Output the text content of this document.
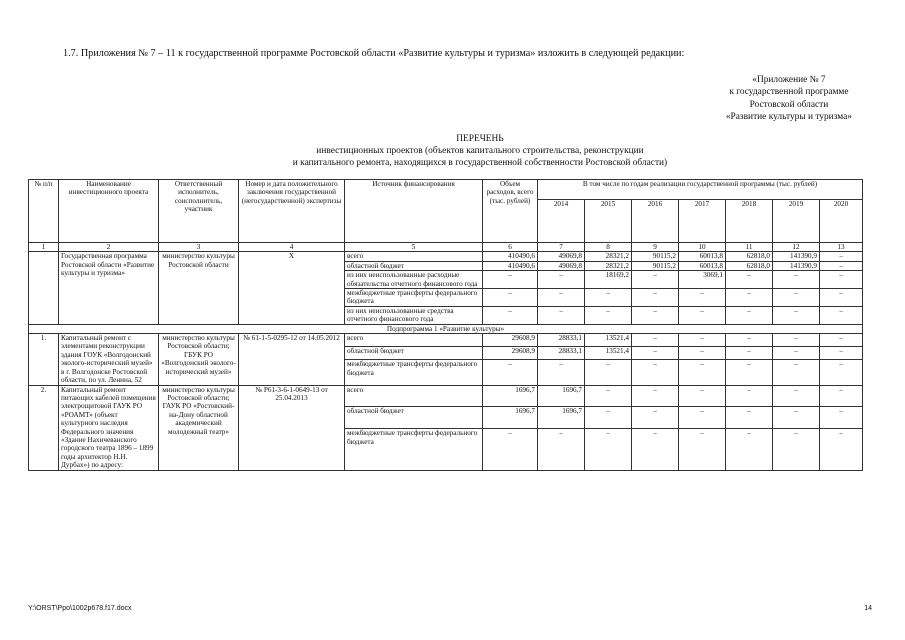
1.7. Приложения № 7 – 11 к государственной программе Ростовской области «Развитие культуры и туризма» изложить в следующей редакции:
«Приложение № 7
к государственной программе
Ростовской области
«Развитие культуры и туризма»
ПЕРЕЧЕНЬ
инвестиционных проектов (объектов капитального строительства, реконструкции
и капитального ремонта, находящихся в государственной собственности Ростовской области)
№ п/п	Наименование инвестиционного проекта	Ответственный исполнитель, соисполнитель, участник	Номер и дата положительного заключения государственной (негосударственной) экспертизы	Источник финансирования	Объем расходов, всего (тыс. рублей)	В том числе по годам реализации государственной программы (тыс. рублей)						
						2014	2015	2016	2017	2018	2019	2020
1	2	3	4	5	6	7	8	9	10	11	12	13
	Государственная программа Ростовской области «Развитие культуры и туризма»	министерство культуры Ростовской области	Х	всего	410490,6	49069,8	28321,2	90115,2	60013,8	62818,0	141390,9	–
				областной бюджет	410490,6	49069,8	28321,2	90115,2	60013,8	62818,0	141390,9	–
				из них неиспользованные расходные обязательства отчетного финансового года	–	–	18169,2	–	3069,1	–	–	–
				межбюджетные трансферты федерального бюджета	–	–	–	–	–	–	–	–
				из них неиспользованные средства отчетного финансового года	–	–	–	–	–	–	–	–
Подпрограмма 1 «Развитие культуры»												
1.	Капитальный ремонт с элементами реконструкции здания ГОУК «Волгодонский эколого-исторический музей» в г. Волгодонске Ростовской области, по ул. Ленина, 52	министерство культуры Ростовской области; ГБУК РО «Волгодонский эколого-исторический музей»	№ 61-1-5-0295-12 от 14.05.2012	всего	29608,9	28833,1	13521,4	–	–	–	–	–
				областной бюджет	29608,9	28833,1	13521,4	–	–	–	–	–
				межбюджетные трансферты федерального бюджета	–	–	–	–	–	–	–	–
2.	Капитальный ремонт питающих кабелей помещения электрощитовой ГАУК РО «РОАМТ» (объект культурного наследия Федерального значения «Здание Нахичеванского городского театра 1896 – 1899 годы архитектор Н.Н. Дурбах») по адресу:	министерство культуры Ростовской области; ГАУК РО «Ростовский-на-Дону областной академический молодежный театр»	№ Р61-3-6-1-0649-13 от 25.04.2013	всего	1696,7	1696,7	–	–	–	–	–	–
				областной бюджет	1696,7	1696,7	–	–	–	–	–	–
				межбюджетные трансферты федерального бюджета	–	–	–	–	–	–	–	–
Y:\ORST\Ppo\1002p678.f17.docx	14
